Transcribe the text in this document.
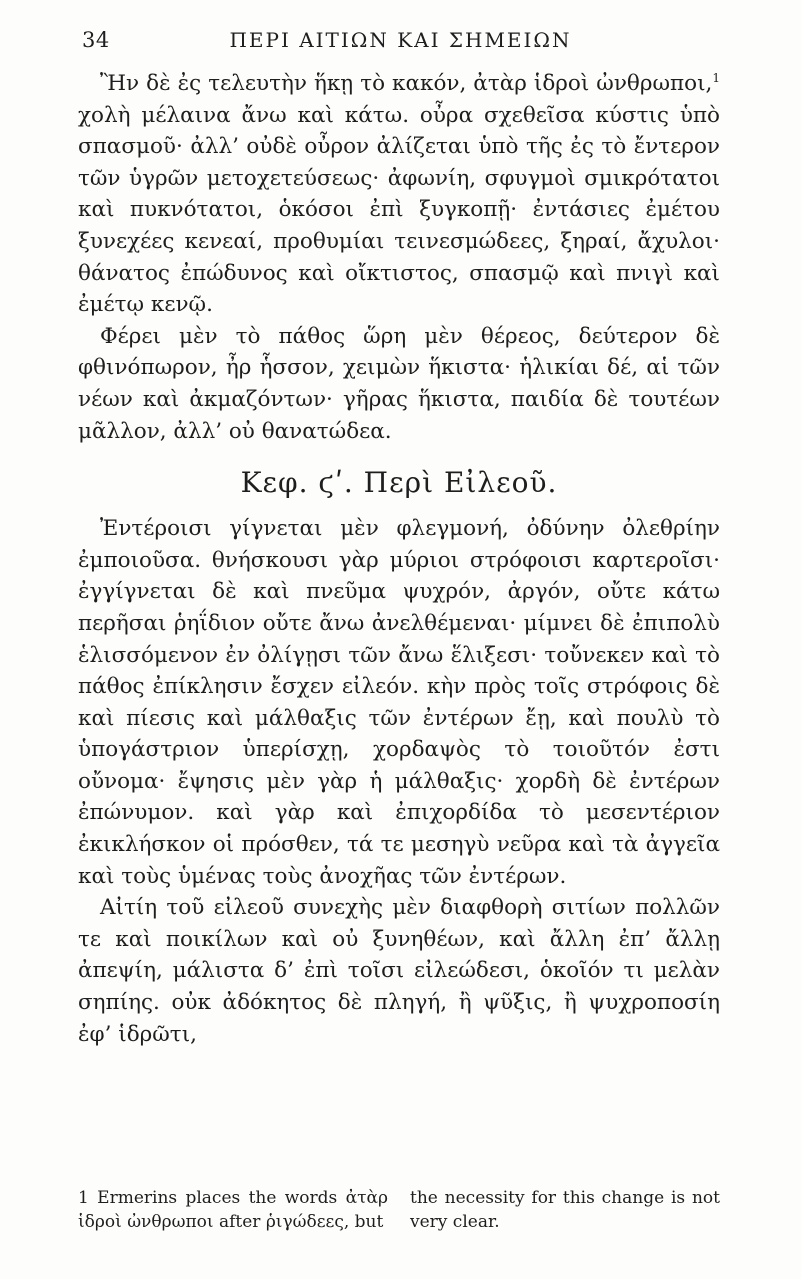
34	ΠΕΡΙ ΑΙΤΙΩΝ ΚΑΙ ΣΗΜΕΙΩΝ

Ἢν δὲ ἐς τελευτὴν ἥκῃ τὸ κακόν, ἀτὰρ ἱδροὶ ὠνθρωποι,$^1$ χολὴ μέλαινα ἄνω καὶ κάτω. οὖρα σχεθεῖσα κύστις ὑπὸ σπασμοῦ· ἀλλ’ οὐδὲ οὖρον ἀλίζεται ὑπὸ τῆς ἐς τὸ ἔντερον τῶν ὑγρῶν μετοχετεύσεως· ἀφωνίη, σφυγμοὶ σμικρότατοι καὶ πυκνότατοι, ὁκόσοι ἐπὶ ξυγκοπῇ· ἐντάσιες ἐμέτου ξυνεχέες κενεαί, προθυμίαι τεινεσμώδεες, ξηραί, ἄχυλοι· θάνατος ἐπώδυνος καὶ οἴκτιστος, σπασμῷ καὶ πνιγὶ καὶ ἐμέτῳ κενῷ.

Φέρει μὲν τὸ πάθος ὥρη μὲν θέρεος, δεύτερον δὲ φθινόπωρον, ἦρ ἧσσον, χειμὼν ἥκιστα· ἡλικίαι δέ, αἱ τῶν νέων καὶ ἀκμαζόντων· γῆρας ἥκιστα, παιδία δὲ τουτέων μᾶλλον, ἀλλ’ οὐ θανατώδεα.

Κεφ. ϛʹ. Περὶ Εἰλεοῦ.

Ἐντέροισι γίγνεται μὲν φλεγμονή, ὀδύνην ὀλεθρίην ἐμποιοῦσα. θνήσκουσι γὰρ μύριοι στρόφοισι καρτεροῖσι· ἐγγίγνεται δὲ καὶ πνεῦμα ψυχρόν, ἀργόν, οὔτε κάτω περῆσαι ῥηΐδιον οὔτε ἄνω ἀνελθέμεναι· μίμνει δὲ ἐπιπολὺ ἑλισσόμενον ἐν ὀλίγῃσι τῶν ἄνω ἕλιξεσι· τοὔνεκεν καὶ τὸ πάθος ἐπίκλησιν ἔσχεν εἰλεόν. κὴν πρὸς τοῖς στρόφοις δὲ καὶ πίεσις καὶ μάλθαξις τῶν ἐντέρων ἔῃ, καὶ πουλὺ τὸ ὑπογάστριον ὑπερίσχῃ, χορδαψὸς τὸ τοιοῦτόν ἐστι οὔνομα· ἔψησις μὲν γὰρ ἡ μάλθαξις· χορδὴ δὲ ἐντέρων ἐπώνυμον. καὶ γὰρ καὶ ἐπιχορδίδα τὸ μεσεντέριον ἐκικλήσκον οἱ πρόσθεν, τά τε μεσηγὺ νεῦρα καὶ τὰ ἀγγεῖα καὶ τοὺς ὑμένας τοὺς ἀνοχῆας τῶν ἐντέρων.

Αἰτίη τοῦ εἰλεοῦ συνεχὴς μὲν διαφθορὴ σιτίων πολλῶν τε καὶ ποικίλων καὶ οὐ ξυνηθέων, καὶ ἄλλη ἐπ’ ἄλλῃ ἀπεψίη, μάλιστα δ’ ἐπὶ τοῖσι εἰλεώδεσι, ὁκοῖόν τι μελὰν σηπίης. οὐκ ἀδόκητος δὲ πληγή, ἢ ψῦξις, ἢ ψυχροποσίη ἐφ’ ἱδρῶτι,

1 Ermerins places the words ἀτὰρ ἱδροὶ ὠνθρωποι after ῥιγώδεες, but
the necessity for this change is not very clear.
